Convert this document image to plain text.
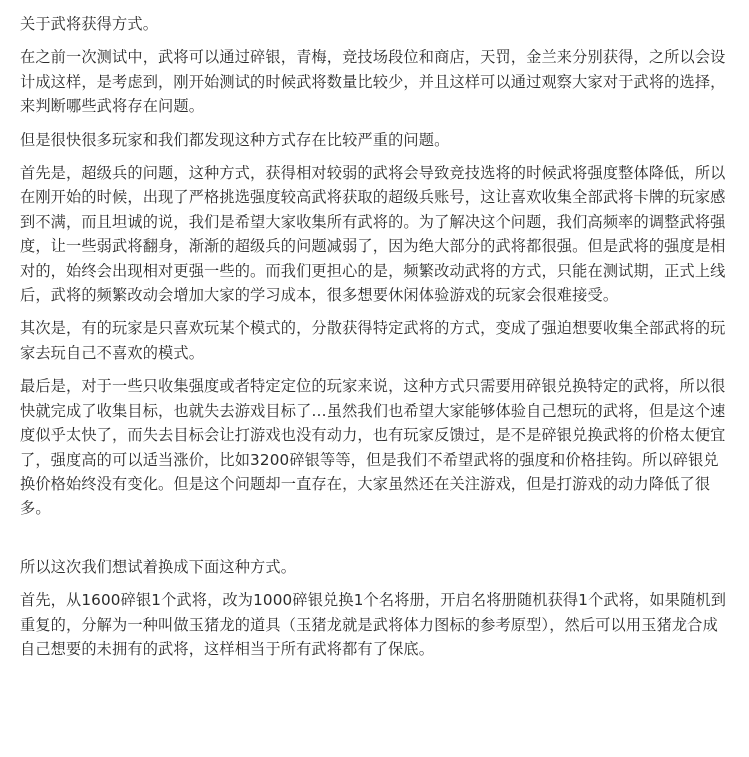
关于武将获得方式。

在之前一次测试中，武将可以通过碎银，青梅，竞技场段位和商店，天罚，金兰来分别获得，之所以会设计成这样，是考虑到，刚开始测试的时候武将数量比较少，并且这样可以通过观察大家对于武将的选择，来判断哪些武将存在问题。

但是很快很多玩家和我们都发现这种方式存在比较严重的问题。

首先是，超级兵的问题，这种方式，获得相对较弱的武将会导致竞技选将的时候武将强度整体降低，所以在刚开始的时候，出现了严格挑选强度较高武将获取的超级兵账号，这让喜欢收集全部武将卡牌的玩家感到不满，而且坦诚的说，我们是希望大家收集所有武将的。为了解决这个问题，我们高频率的调整武将强度，让一些弱武将翻身，渐渐的超级兵的问题减弱了，因为绝大部分的武将都很强。但是武将的强度是相对的，始终会出现相对更强一些的。而我们更担心的是，频繁改动武将的方式，只能在测试期，正式上线后，武将的频繁改动会增加大家的学习成本，很多想要休闲体验游戏的玩家会很难接受。

其次是，有的玩家是只喜欢玩某个模式的，分散获得特定武将的方式，变成了强迫想要收集全部武将的玩家去玩自己不喜欢的模式。

最后是，对于一些只收集强度或者特定定位的玩家来说，这种方式只需要用碎银兑换特定的武将，所以很快就完成了收集目标，也就失去游戏目标了…虽然我们也希望大家能够体验自己想玩的武将，但是这个速度似乎太快了，而失去目标会让打游戏也没有动力，也有玩家反馈过，是不是碎银兑换武将的价格太便宜了，强度高的可以适当涨价，比如3200碎银等等，但是我们不希望武将的强度和价格挂钩。所以碎银兑换价格始终没有变化。但是这个问题却一直存在，大家虽然还在关注游戏，但是打游戏的动力降低了很多。

所以这次我们想试着换成下面这种方式。

首先，从1600碎银1个武将，改为1000碎银兑换1个名将册，开启名将册随机获得1个武将，如果随机到重复的，分解为一种叫做玉猪龙的道具（玉猪龙就是武将体力图标的参考原型），然后可以用玉猪龙合成自己想要的未拥有的武将，这样相当于所有武将都有了保底。
